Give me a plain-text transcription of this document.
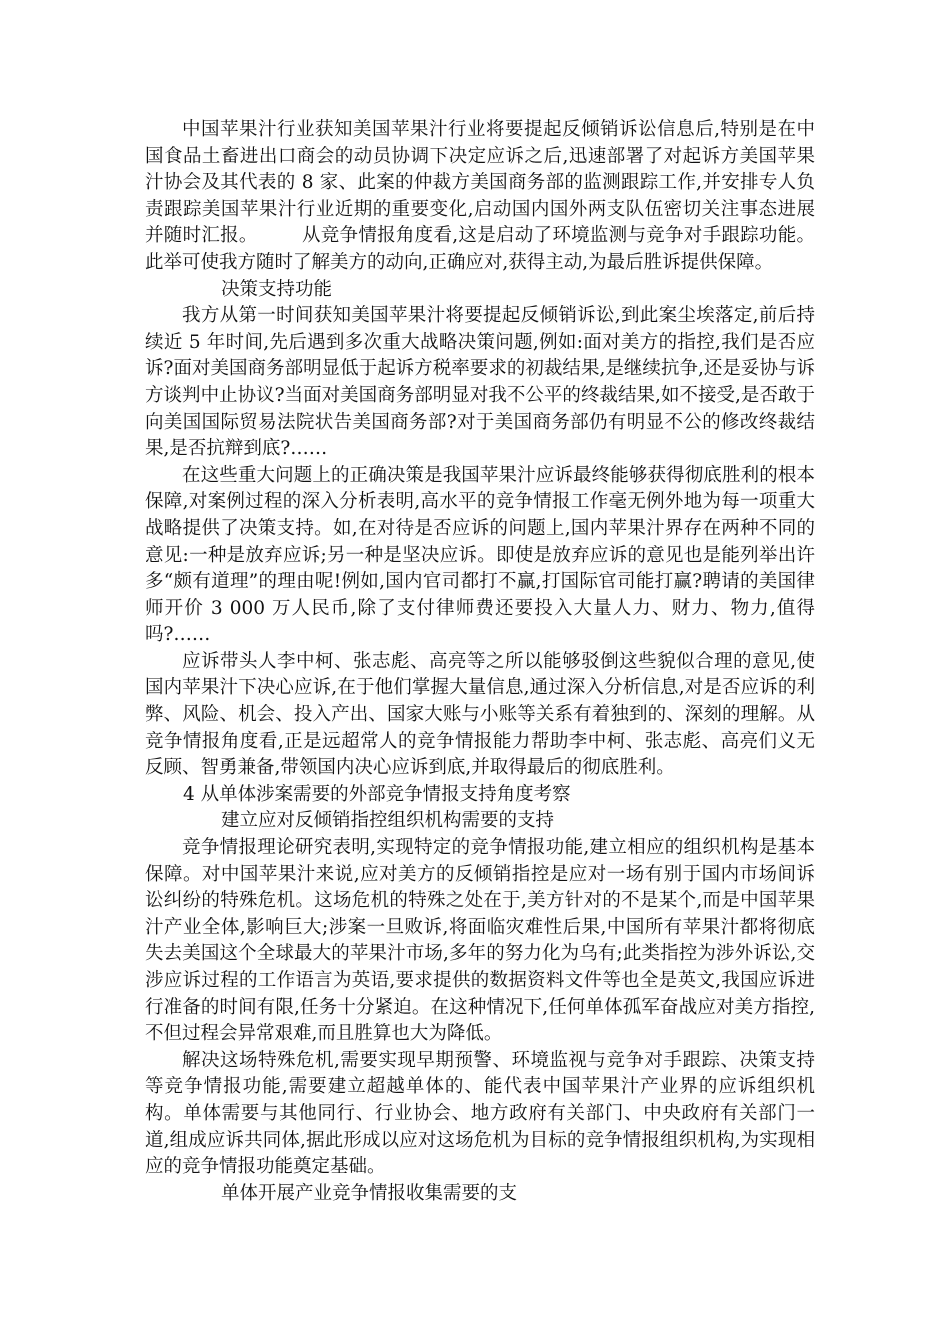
中国苹果汁行业获知美国苹果汁行业将要提起反倾销诉讼信息后,特别是在中国食品土畜进出口商会的动员协调下决定应诉之后,迅速部署了对起诉方美国苹果汁协会及其代表的 8 家、此案的仲裁方美国商务部的监测跟踪工作,并安排专人负责跟踪美国苹果汁行业近期的重要变化,启动国内国外两支队伍密切关注事态进展并随时汇报。 从竞争情报角度看,这是启动了环境监测与竞争对手跟踪功能。此举可使我方随时了解美方的动向,正确应对,获得主动,为最后胜诉提供保障。

决策支持功能

我方从第一时间获知美国苹果汁将要提起反倾销诉讼,到此案尘埃落定,前后持续近 5 年时间,先后遇到多次重大战略决策问题,例如:面对美方的指控,我们是否应诉?面对美国商务部明显低于起诉方税率要求的初裁结果,是继续抗争,还是妥协与诉方谈判中止协议?当面对美国商务部明显对我不公平的终裁结果,如不接受,是否敢于向美国国际贸易法院状告美国商务部?对于美国商务部仍有明显不公的修改终裁结果,是否抗辩到底?……

在这些重大问题上的正确决策是我国苹果汁应诉最终能够获得彻底胜利的根本保障,对案例过程的深入分析表明,高水平的竞争情报工作毫无例外地为每一项重大战略提供了决策支持。如,在对待是否应诉的问题上,国内苹果汁界存在两种不同的意见:一种是放弃应诉;另一种是坚决应诉。即使是放弃应诉的意见也是能列举出许多“颇有道理”的理由呢!例如,国内官司都打不赢,打国际官司能打赢?聘请的美国律师开价 3 000 万人民币,除了支付律师费还要投入大量人力、财力、物力,值得吗?……

应诉带头人李中柯、张志彪、高亮等之所以能够驳倒这些貌似合理的意见,使国内苹果汁下决心应诉,在于他们掌握大量信息,通过深入分析信息,对是否应诉的利弊、风险、机会、投入产出、国家大账与小账等关系有着独到的、深刻的理解。从竞争情报角度看,正是远超常人的竞争情报能力帮助李中柯、张志彪、高亮们义无反顾、智勇兼备,带领国内决心应诉到底,并取得最后的彻底胜利。

4 从单体涉案需要的外部竞争情报支持角度考察

建立应对反倾销指控组织机构需要的支持

竞争情报理论研究表明,实现特定的竞争情报功能,建立相应的组织机构是基本保障。对中国苹果汁来说,应对美方的反倾销指控是应对一场有别于国内市场间诉讼纠纷的特殊危机。这场危机的特殊之处在于,美方针对的不是某个,而是中国苹果汁产业全体,影响巨大;涉案一旦败诉,将面临灾难性后果,中国所有苹果汁都将彻底失去美国这个全球最大的苹果汁市场,多年的努力化为乌有;此类指控为涉外诉讼,交涉应诉过程的工作语言为英语,要求提供的数据资料文件等也全是英文,我国应诉进行准备的时间有限,任务十分紧迫。在这种情况下,任何单体孤军奋战应对美方指控,不但过程会异常艰难,而且胜算也大为降低。

解决这场特殊危机,需要实现早期预警、环境监视与竞争对手跟踪、决策支持等竞争情报功能,需要建立超越单体的、能代表中国苹果汁产业界的应诉组织机构。单体需要与其他同行、行业协会、地方政府有关部门、中央政府有关部门一道,组成应诉共同体,据此形成以应对这场危机为目标的竞争情报组织机构,为实现相应的竞争情报功能奠定基础。

单体开展产业竞争情报收集需要的支
